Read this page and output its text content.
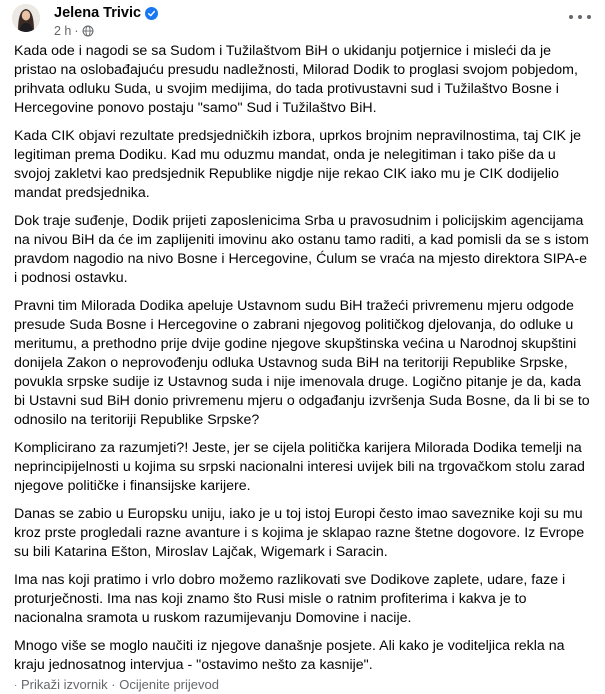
Jelena Trivic
2 h ·

Kada ode i nagodi se sa Sudom i Tužilaštvom BiH o ukidanju potjernice i misleći da je pristao na oslobađajuću presudu nadležnosti, Milorad Dodik to proglasi svojom pobjedom, prihvata odluku Suda, u svojim medijima, do tada protivustavni sud i Tužilaštvo Bosne i Hercegovine ponovo postaju "samo" Sud i Tužilaštvo BiH.

Kada CIK objavi rezultate predsjedničkih izbora, uprkos brojnim nepravilnostima, taj CIK je legitiman prema Dodiku. Kad mu oduzmu mandat, onda je nelegitiman i tako piše da u svojoj zakletvi kao predsjednik Republike nigdje nije rekao CIK iako mu je CIK dodijelio mandat predsjednika.

Dok traje suđenje, Dodik prijeti zaposlenicima Srba u pravosudnim i policijskim agencijama na nivou BiH da će im zaplijeniti imovinu ako ostanu tamo raditi, a kad pomisli da se s istom pravdom nagodio na nivo Bosne i Hercegovine, Ćulum se vraća na mjesto direktora SIPA-e i podnosi ostavku.

Pravni tim Milorada Dodika apeluje Ustavnom sudu BiH tražeći privremenu mjeru odgode presude Suda Bosne i Hercegovine o zabrani njegovog političkog djelovanja, do odluke u meritumu, a prethodno prije dvije godine njegove skupštinska većina u Narodnoj skupštini donijela Zakon o neprovođenju odluka Ustavnog suda BiH na teritoriji Republike Srpske, povukla srpske sudije iz Ustavnog suda i nije imenovala druge. Logično pitanje je da, kada bi Ustavni sud BiH donio privremenu mjeru o odgađanju izvršenja Suda Bosne, da li bi se to odnosilo na teritoriji Republike Srpske?

Komplicirano za razumjeti?! Jeste, jer se cijela politička karijera Milorada Dodika temelji na neprincipijelnosti u kojima su srpski nacionalni interesi uvijek bili na trgovačkom stolu zarad njegove političke i finansijske karijere.

Danas se zabio u Europsku uniju, iako je u toj istoj Europi često imao saveznike koji su mu kroz prste progledali razne avanture i s kojima je sklapao razne štetne dogovore. Iz Evrope su bili Katarina Ešton, Miroslav Lajčak, Wigemark i Saracin.

Ima nas koji pratimo i vrlo dobro možemo razlikovati sve Dodikove zaplete, udare, faze i proturječnosti. Ima nas koji znamo što Rusi misle o ratnim profiterima i kakva je to nacionalna sramota u ruskom razumijevanju Domovine i nacije.

Mnogo više se moglo naučiti iz njegove današnje posjete. Ali kako je voditeljica rekla na kraju jednosatnog intervjua - "ostavimo nešto za kasnije".

· Prikaži izvornik · Ocijenite prijevod
